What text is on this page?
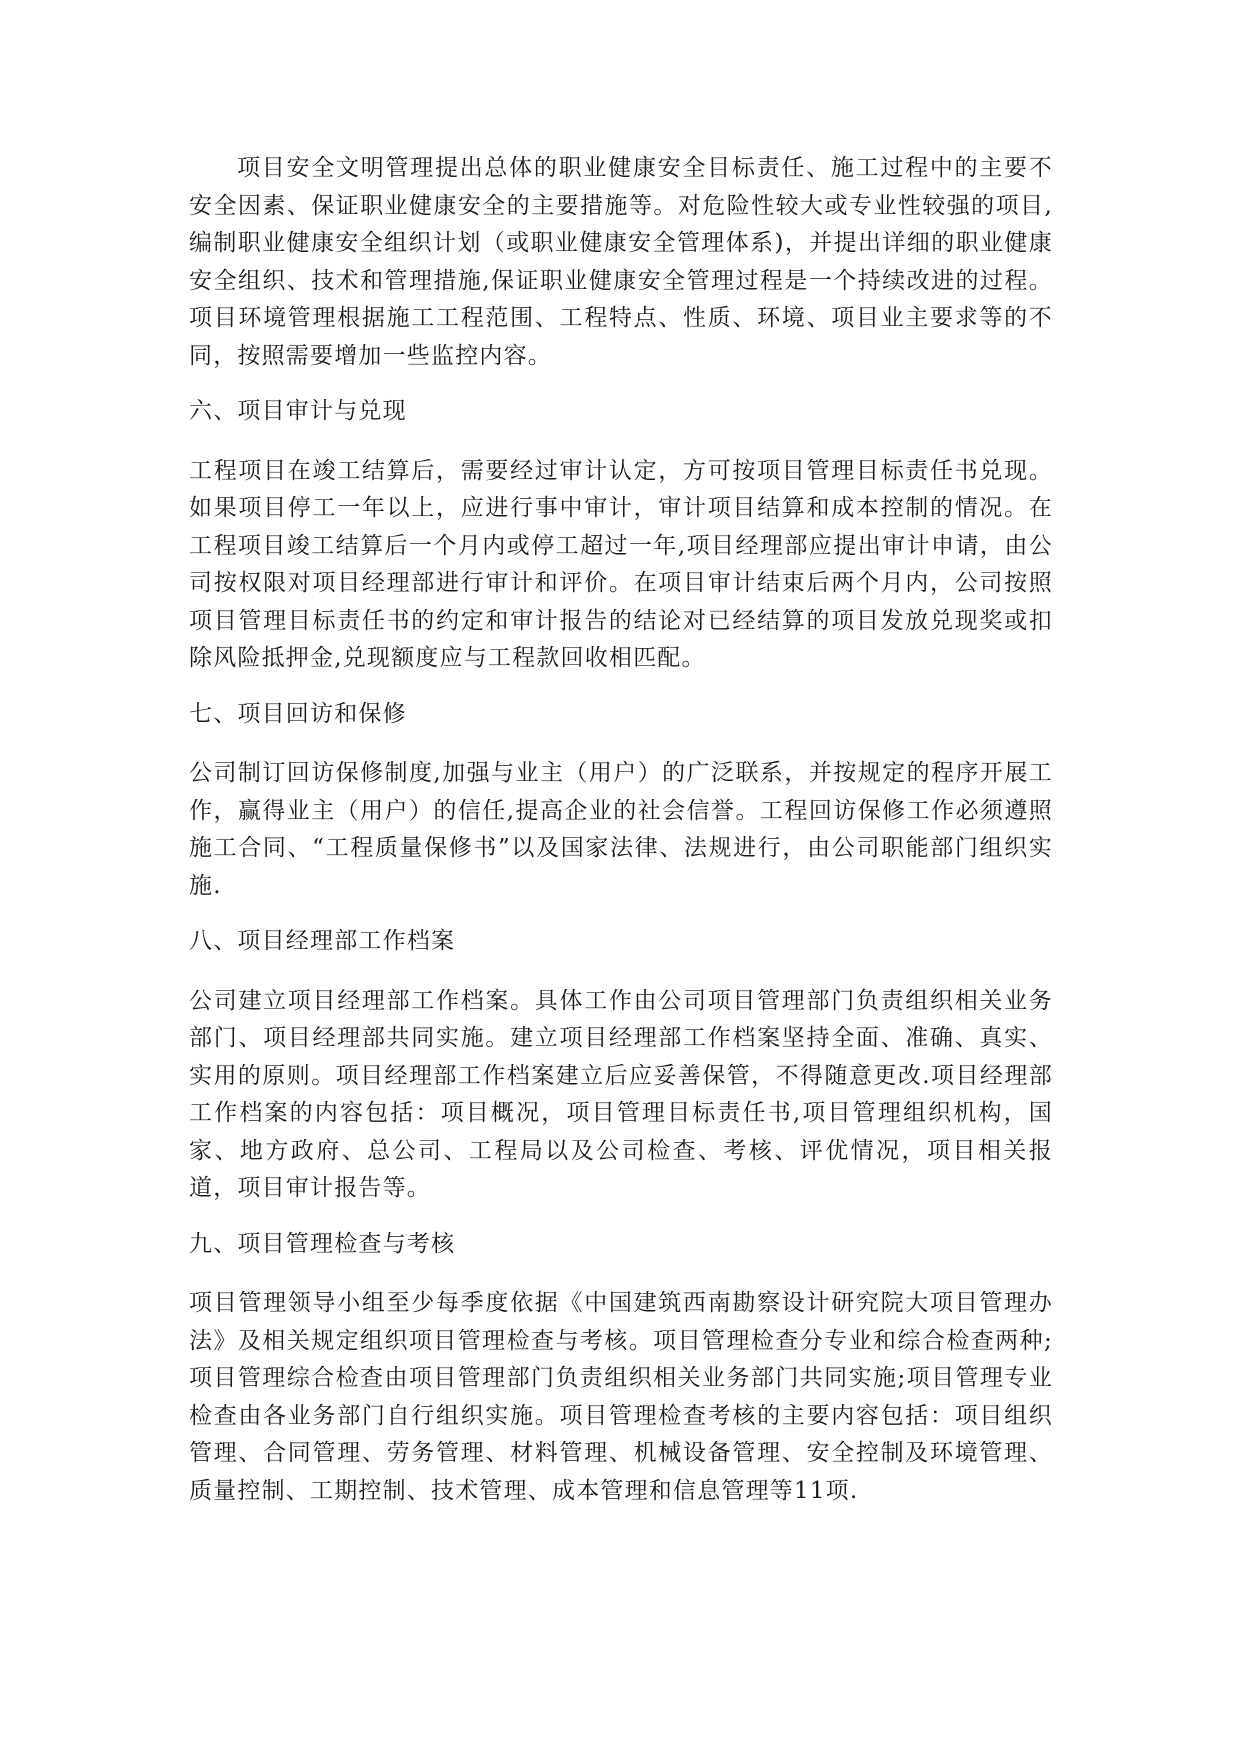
项目安全文明管理提出总体的职业健康安全目标责任、施工过程中的主要不安全因素、保证职业健康安全的主要措施等。对危险性较大或专业性较强的项目,编制职业健康安全组织计划（或职业健康安全管理体系)，并提出详细的职业健康安全组织、技术和管理措施,保证职业健康安全管理过程是一个持续改进的过程。项目环境管理根据施工工程范围、工程特点、性质、环境、项目业主要求等的不同，按照需要增加一些监控内容。

六、项目审计与兑现

工程项目在竣工结算后，需要经过审计认定，方可按项目管理目标责任书兑现。如果项目停工一年以上，应进行事中审计，审计项目结算和成本控制的情况。在工程项目竣工结算后一个月内或停工超过一年,项目经理部应提出审计申请，由公司按权限对项目经理部进行审计和评价。在项目审计结束后两个月内，公司按照项目管理目标责任书的约定和审计报告的结论对已经结算的项目发放兑现奖或扣除风险抵押金,兑现额度应与工程款回收相匹配。

七、项目回访和保修

公司制订回访保修制度,加强与业主（用户）的广泛联系，并按规定的程序开展工作，赢得业主（用户）的信任,提高企业的社会信誉。工程回访保修工作必须遵照施工合同、“工程质量保修书”以及国家法律、法规进行，由公司职能部门组织实施.

八、项目经理部工作档案

公司建立项目经理部工作档案。具体工作由公司项目管理部门负责组织相关业务部门、项目经理部共同实施。建立项目经理部工作档案坚持全面、准确、真实、实用的原则。项目经理部工作档案建立后应妥善保管，不得随意更改.项目经理部工作档案的内容包括：项目概况，项目管理目标责任书,项目管理组织机构，国家、地方政府、总公司、工程局以及公司检查、考核、评优情况，项目相关报道，项目审计报告等。

九、项目管理检查与考核

项目管理领导小组至少每季度依据《中国建筑西南勘察设计研究院大项目管理办法》及相关规定组织项目管理检查与考核。项目管理检查分专业和综合检查两种;项目管理综合检查由项目管理部门负责组织相关业务部门共同实施;项目管理专业检查由各业务部门自行组织实施。项目管理检查考核的主要内容包括：项目组织管理、合同管理、劳务管理、材料管理、机械设备管理、安全控制及环境管理、质量控制、工期控制、技术管理、成本管理和信息管理等11项.
